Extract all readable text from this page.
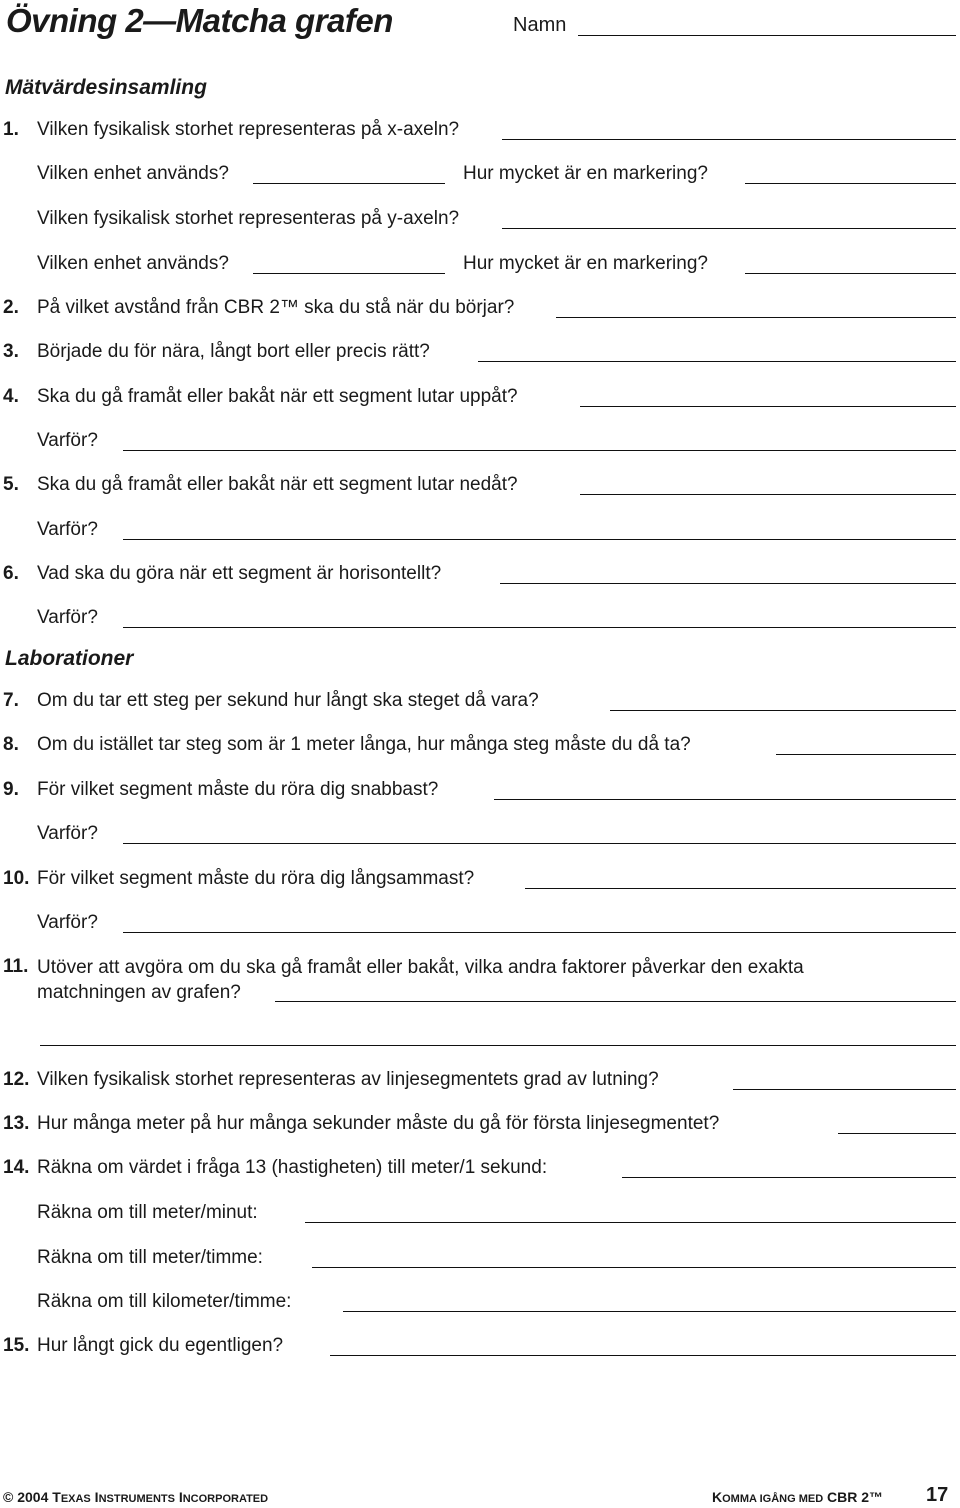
Övning 2—Matcha grafen	Namn
Mätvärdesinsamling
1. Vilken fysikalisk storhet representeras på x-axeln?
Vilken enhet används?	Hur mycket är en markering?
Vilken fysikalisk storhet representeras på y-axeln?
Vilken enhet används?	Hur mycket är en markering?
2. På vilket avstånd från CBR 2™ ska du stå när du börjar?
3. Började du för nära, långt bort eller precis rätt?
4. Ska du gå framåt eller bakåt när ett segment lutar uppåt?
Varför?
5. Ska du gå framåt eller bakåt när ett segment lutar nedåt?
Varför?
6. Vad ska du göra när ett segment är horisontellt?
Varför?
Laborationer
7. Om du tar ett steg per sekund hur långt ska steget då vara?
8. Om du istället tar steg som är 1 meter långa, hur många steg måste du då ta?
9. För vilket segment måste du röra dig snabbast?
Varför?
10. För vilket segment måste du röra dig långsammast?
Varför?
11. Utöver att avgöra om du ska gå framåt eller bakåt, vilka andra faktorer påverkar den exakta matchningen av grafen?
12. Vilken fysikalisk storhet representeras av linjesegmentets grad av lutning?
13. Hur många meter på hur många sekunder måste du gå för första linjesegmentet?
14. Räkna om värdet i fråga 13 (hastigheten) till meter/1 sekund:
Räkna om till meter/minut:
Räkna om till meter/timme:
Räkna om till kilometer/timme:
15. Hur långt gick du egentligen?
© 2004 TEXAS INSTRUMENTS INCORPORATED	KOMMA IGÅNG MED CBR 2™ 17
